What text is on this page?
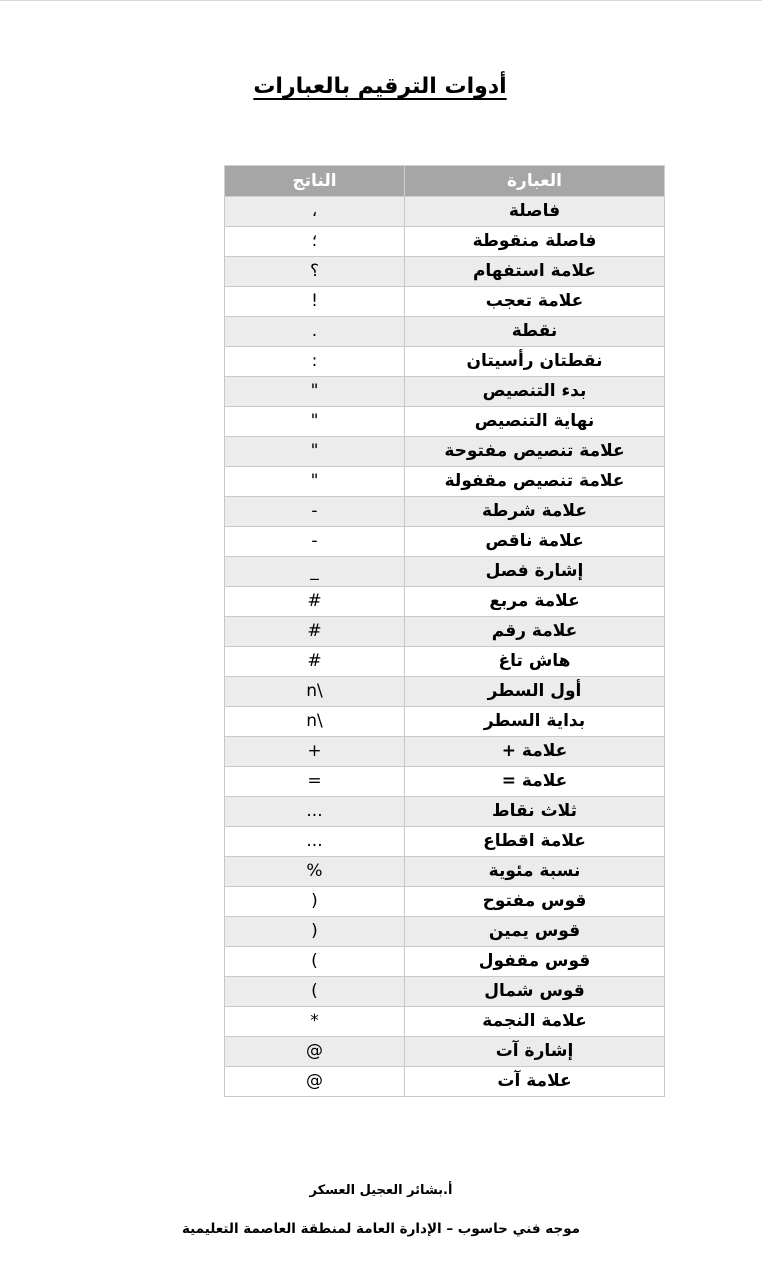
أدوات الترقيم بالعبارات
العبارة	الناتج
فاصلة	،
فاصلة منقوطة	؛
علامة استفهام	؟
علامة تعجب	!
نقطة	.
نقطتان رأسيتان	:
بدء التنصيص	"
نهاية التنصيص	"
علامة تنصيص مفتوحة	"
علامة تنصيص مقفولة	"
علامة شرطة	-
علامة ناقص	-
إشارة فصل	_
علامة مربع	#
علامة رقم	#
هاش تاغ	#
أول السطر	n\
بداية السطر	n\
علامة +	+
علامة =	=
ثلاث نقاط	...
علامة اقطاع	...
نسبة مئوية	%
قوس مفتوح	)
قوس يمين	)
قوس مقفول	(
قوس شمال	(
علامة النجمة	*
إشارة آت	@
علامة آت	@
أ.بشائر العجيل العسكر
موجه فني حاسوب – الإدارة العامة لمنطقة العاصمة التعليمية
